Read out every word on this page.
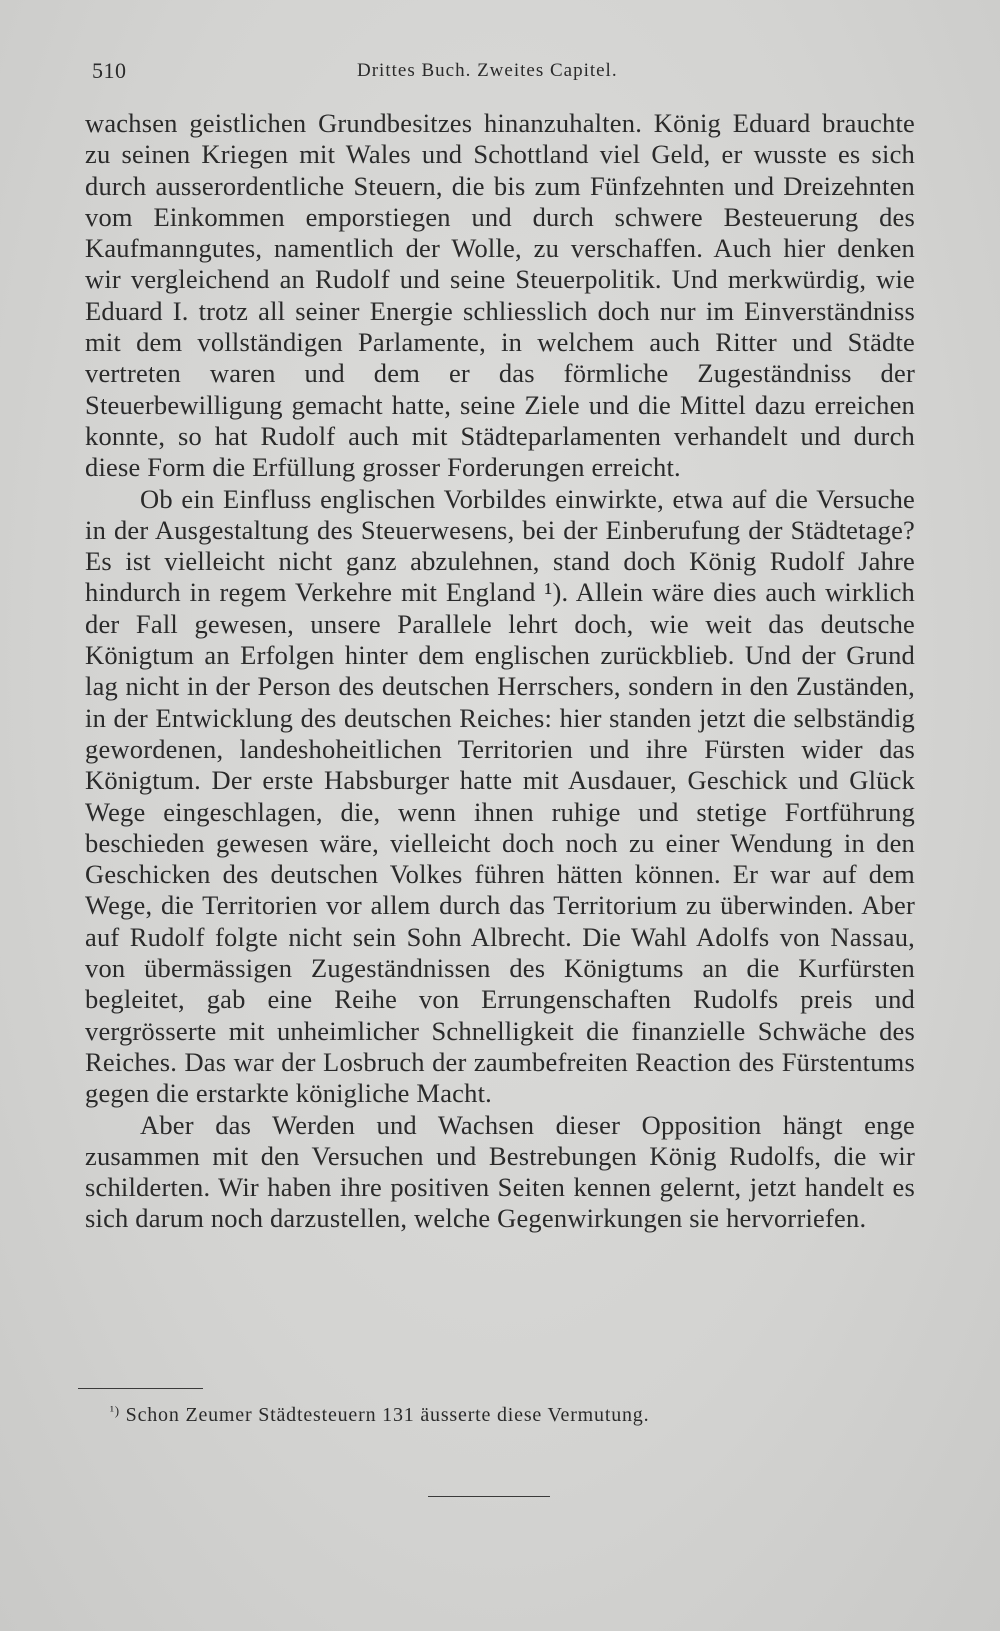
510	Drittes Buch. Zweites Capitel.

wachsen geistlichen Grundbesitzes hinanzuhalten. König Eduard brauchte zu seinen Kriegen mit Wales und Schottland viel Geld, er wusste es sich durch ausserordentliche Steuern, die bis zum Fünfzehnten und Dreizehnten vom Einkommen emporstiegen und durch schwere Besteuerung des Kaufmanngutes, namentlich der Wolle, zu verschaffen. Auch hier denken wir vergleichend an Rudolf und seine Steuerpolitik. Und merkwürdig, wie Eduard I. trotz all seiner Energie schliesslich doch nur im Einverständniss mit dem vollständigen Parlamente, in welchem auch Ritter und Städte vertreten waren und dem er das förmliche Zugeständniss der Steuerbewilligung gemacht hatte, seine Ziele und die Mittel dazu erreichen konnte, so hat Rudolf auch mit Städteparlamenten verhandelt und durch diese Form die Erfüllung grosser Forderungen erreicht.

Ob ein Einfluss englischen Vorbildes einwirkte, etwa auf die Versuche in der Ausgestaltung des Steuerwesens, bei der Einberufung der Städtetage? Es ist vielleicht nicht ganz abzulehnen, stand doch König Rudolf Jahre hindurch in regem Verkehre mit England ¹). Allein wäre dies auch wirklich der Fall gewesen, unsere Parallele lehrt doch, wie weit das deutsche Königtum an Erfolgen hinter dem englischen zurückblieb. Und der Grund lag nicht in der Person des deutschen Herrschers, sondern in den Zuständen, in der Entwicklung des deutschen Reiches: hier standen jetzt die selbständig gewordenen, landeshoheitlichen Territorien und ihre Fürsten wider das Königtum. Der erste Habsburger hatte mit Ausdauer, Geschick und Glück Wege eingeschlagen, die, wenn ihnen ruhige und stetige Fortführung beschieden gewesen wäre, vielleicht doch noch zu einer Wendung in den Geschicken des deutschen Volkes führen hätten können. Er war auf dem Wege, die Territorien vor allem durch das Territorium zu überwinden. Aber auf Rudolf folgte nicht sein Sohn Albrecht. Die Wahl Adolfs von Nassau, von übermässigen Zugeständnissen des Königtums an die Kurfürsten begleitet, gab eine Reihe von Errungenschaften Rudolfs preis und vergrösserte mit unheimlicher Schnelligkeit die finanzielle Schwäche des Reiches. Das war der Losbruch der zaumbefreiten Reaction des Fürstentums gegen die erstarkte königliche Macht.

Aber das Werden und Wachsen dieser Opposition hängt enge zusammen mit den Versuchen und Bestrebungen König Rudolfs, die wir schilderten. Wir haben ihre positiven Seiten kennen gelernt, jetzt handelt es sich darum noch darzustellen, welche Gegenwirkungen sie hervorriefen.

$^{^1)}$ Schon Zeumer Städtesteuern 131 äusserte diese Vermutung.
